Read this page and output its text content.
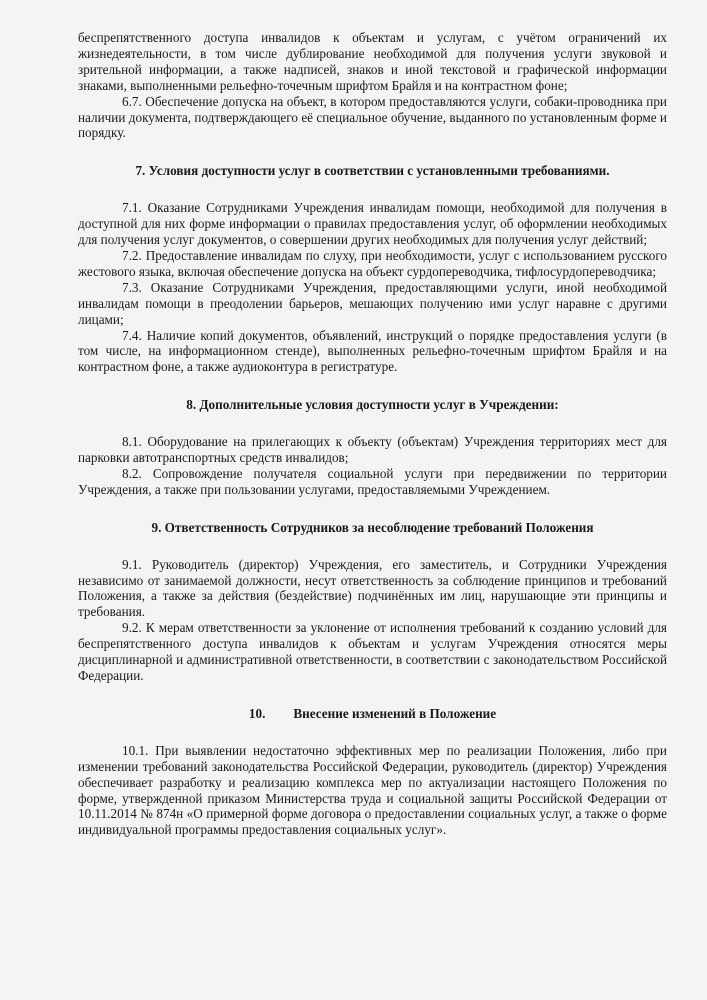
беспрепятственного доступа инвалидов к объектам и услугам, с учётом ограничений их жизнедеятельности, в том числе дублирование необходимой для получения услуги звуковой и зрительной информации, а также надписей, знаков и иной текстовой и графической информации знаками, выполненными рельефно-точечным шрифтом Брайля и на контрастном фоне;

6.7. Обеспечение допуска на объект, в котором предоставляются услуги, собаки-проводника при наличии документа, подтверждающего её специальное обучение, выданного по установленным форме и порядку.

7. Условия доступности услуг в соответствии с установленными требованиями.

7.1. Оказание Сотрудниками Учреждения инвалидам помощи, необходимой для получения в доступной для них форме информации о правилах предоставления услуг, об оформлении необходимых для получения услуг документов, о совершении других необходимых для получения услуг действий;

7.2. Предоставление инвалидам по слуху, при необходимости, услуг с использованием русского жестового языка, включая обеспечение допуска на объект сурдопереводчика, тифлосурдопереводчика;

7.3. Оказание Сотрудниками Учреждения, предоставляющими услуги, иной необходимой инвалидам помощи в преодолении барьеров, мешающих получению ими услуг наравне с другими лицами;

7.4. Наличие копий документов, объявлений, инструкций о порядке предоставления услуги (в том числе, на информационном стенде), выполненных рельефно-точечным шрифтом Брайля и на контрастном фоне, а также аудиоконтура в регистратуре.

8. Дополнительные условия доступности услуг в Учреждении:

8.1. Оборудование на прилегающих к объекту (объектам) Учреждения территориях мест для парковки автотранспортных средств инвалидов;

8.2. Сопровождение получателя социальной услуги при передвижении по территории Учреждения, а также при пользовании услугами, предоставляемыми Учреждением.

9. Ответственность Сотрудников за несоблюдение требований Положения

9.1. Руководитель (директор) Учреждения, его заместитель, и Сотрудники Учреждения независимо от занимаемой должности, несут ответственность за соблюдение принципов и требований Положения, а также за действия (бездействие) подчинённых им лиц, нарушающие эти принципы и требования.

9.2. К мерам ответственности за уклонение от исполнения требований к созданию условий для беспрепятственного доступа инвалидов к объектам и услугам Учреждения относятся меры дисциплинарной и административной ответственности, в соответствии с законодательством Российской Федерации.

10. Внесение изменений в Положение

10.1. При выявлении недостаточно эффективных мер по реализации Положения, либо при изменении требований законодательства Российской Федерации, руководитель (директор) Учреждения обеспечивает разработку и реализацию комплекса мер по актуализации настоящего Положения по форме, утвержденной приказом Министерства труда и социальной защиты Российской Федерации от 10.11.2014 № 874н «О примерной форме договора о предоставлении социальных услуг, а также о форме индивидуальной программы предоставления социальных услуг».
